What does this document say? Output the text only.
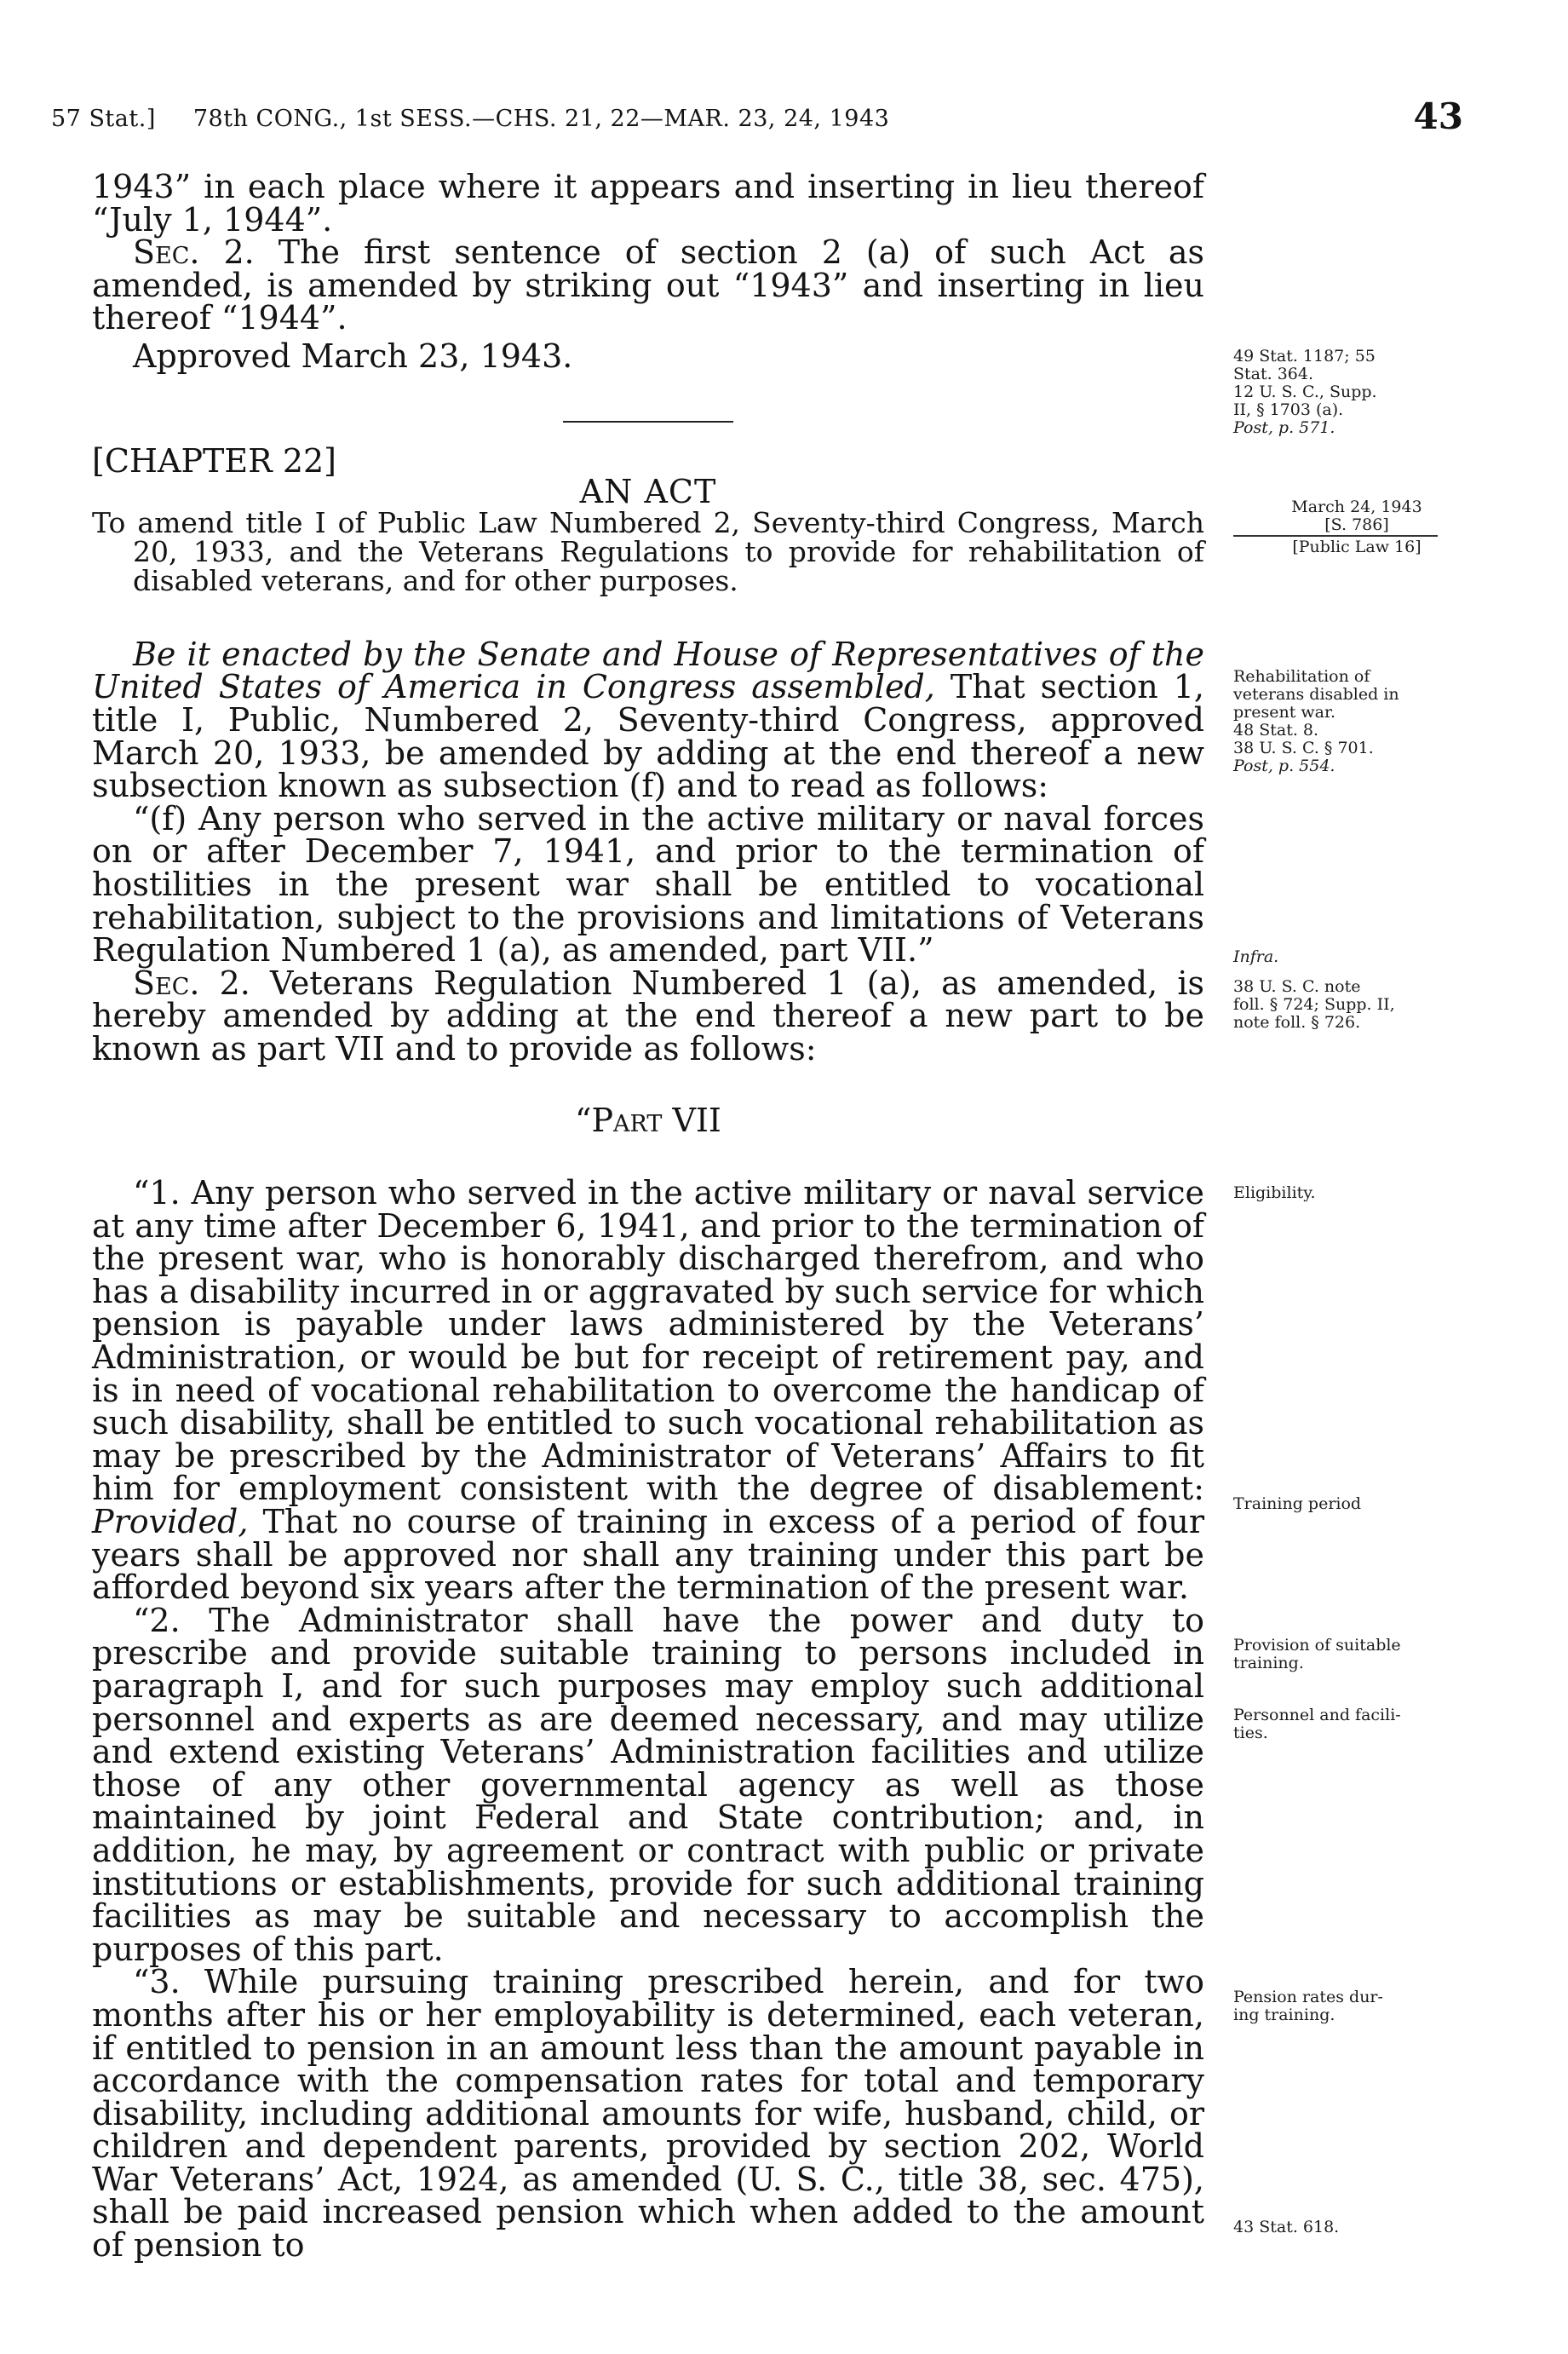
57 Stat.] 78th CONG., 1st SESS.—CHS. 21, 22—MAR. 23, 24, 1943	43

1943” in each place where it appears and inserting in lieu thereof “July 1, 1944”.

Sec. 2. The first sentence of section 2 (a) of such Act as amended, is amended by striking out “1943” and inserting in lieu thereof “1944”.

Approved March 23, 1943.

[CHAPTER 22]

AN ACT

To amend title I of Public Law Numbered 2, Seventy-third Congress, March 20, 1933, and the Veterans Regulations to provide for rehabilitation of disabled veterans, and for other purposes.

Be it enacted by the Senate and House of Representatives of the United States of America in Congress assembled, That section 1, title I, Public, Numbered 2, Seventy-third Congress, approved March 20, 1933, be amended by adding at the end thereof a new subsection known as subsection (f) and to read as follows:

“(f) Any person who served in the active military or naval forces on or after December 7, 1941, and prior to the termination of hostilities in the present war shall be entitled to vocational rehabilitation, subject to the provisions and limitations of Veterans Regulation Numbered 1 (a), as amended, part VII.”

Sec. 2. Veterans Regulation Numbered 1 (a), as amended, is hereby amended by adding at the end thereof a new part to be known as part VII and to provide as follows:

“Part VII

“1. Any person who served in the active military or naval service at any time after December 6, 1941, and prior to the termination of the present war, who is honorably discharged therefrom, and who has a disability incurred in or aggravated by such service for which pension is payable under laws administered by the Veterans’ Administration, or would be but for receipt of retirement pay, and is in need of vocational rehabilitation to overcome the handicap of such disability, shall be entitled to such vocational rehabilitation as may be prescribed by the Administrator of Veterans’ Affairs to fit him for employment consistent with the degree of disablement: Provided, That no course of training in excess of a period of four years shall be approved nor shall any training under this part be afforded beyond six years after the termination of the present war.

“2. The Administrator shall have the power and duty to prescribe and provide suitable training to persons included in paragraph I, and for such purposes may employ such additional personnel and experts as are deemed necessary, and may utilize and extend existing Veterans’ Administration facilities and utilize those of any other governmental agency as well as those maintained by joint Federal and State contribution; and, in addition, he may, by agreement or contract with public or private institutions or establishments, provide for such additional training facilities as may be suitable and necessary to accomplish the purposes of this part.

“3. While pursuing training prescribed herein, and for two months after his or her employability is determined, each veteran, if entitled to pension in an amount less than the amount payable in accordance with the compensation rates for total and temporary disability, including additional amounts for wife, husband, child, or children and dependent parents, provided by section 202, World War Veterans’ Act, 1924, as amended (U. S. C., title 38, sec. 475), shall be paid increased pension which when added to the amount of pension to

49 Stat. 1187; 55
Stat. 364.
12 U. S. C., Supp.
II, § 1703 (a).
Post, p. 571.
March 24, 1943
[S. 786]
[Public Law 16]
Rehabilitation of
veterans disabled in
present war.
48 Stat. 8.
38 U. S. C. § 701.
Post, p. 554.
Infra.
38 U. S. C. note
foll. § 724; Supp. II,
note foll. § 726.
Eligibility.
Training period
Provision of suitable
training.
Personnel and facili-
ties.
Pension rates dur-
ing training.
43 Stat. 618.
